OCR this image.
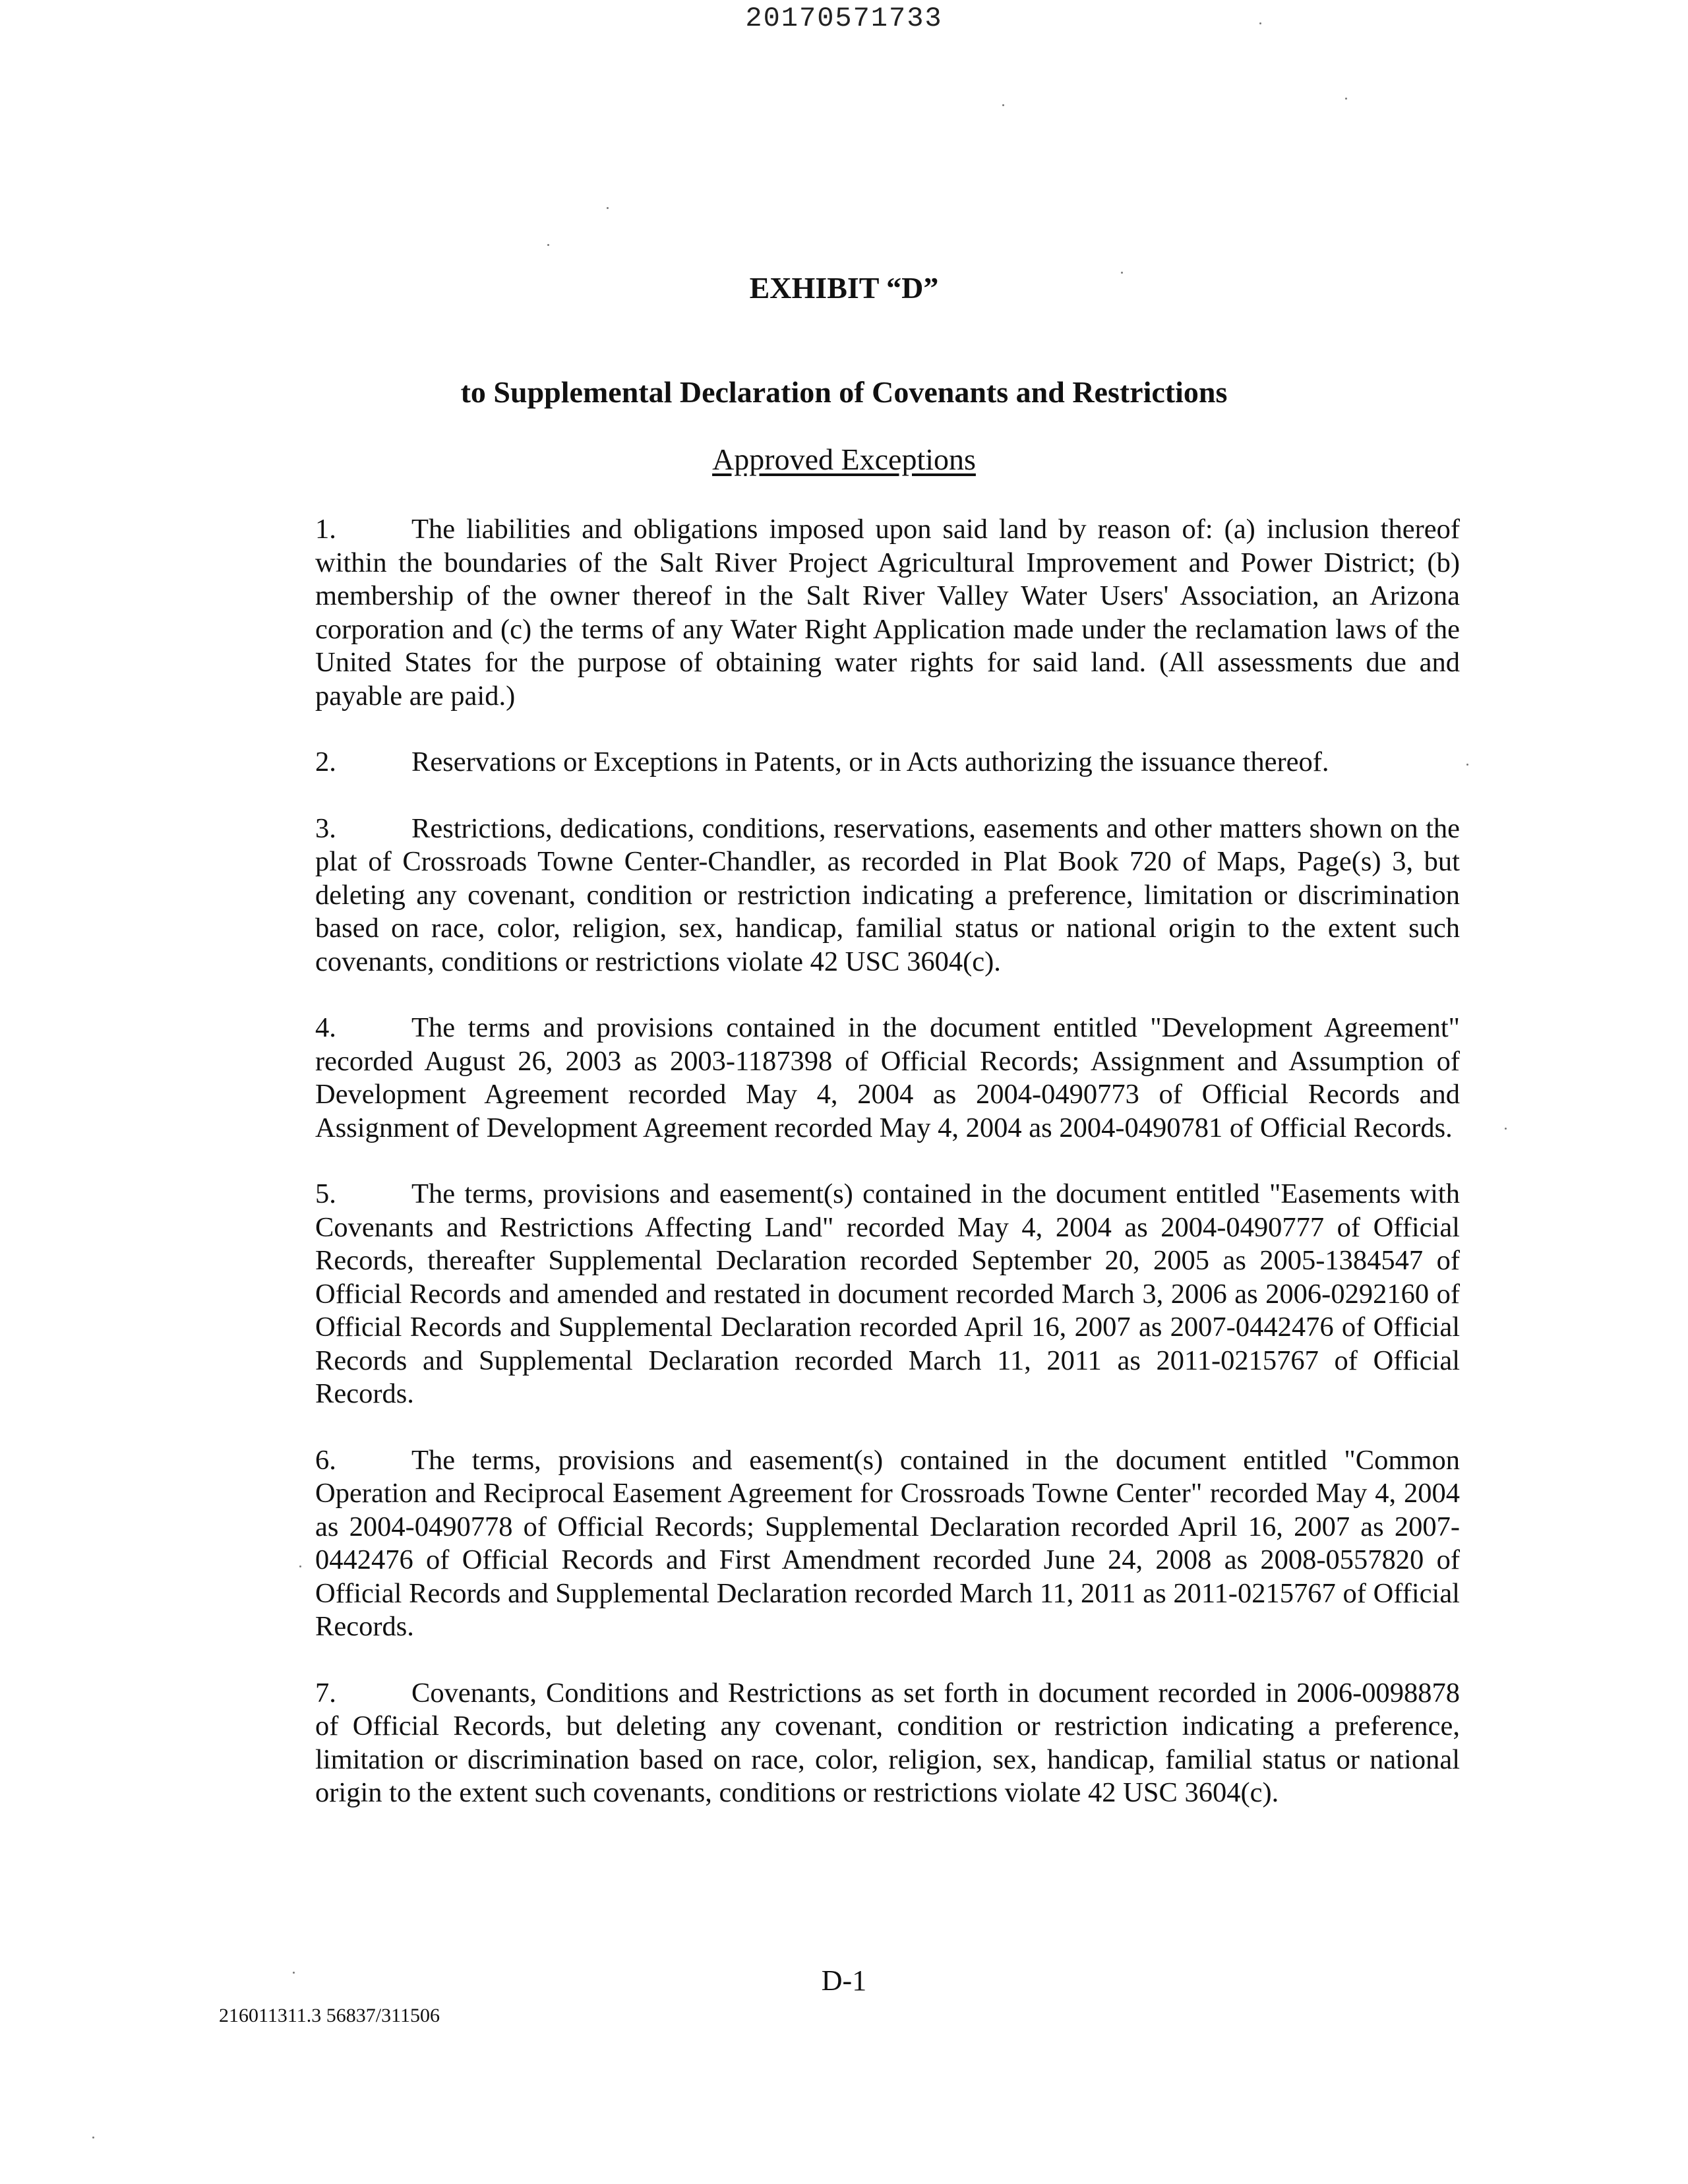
20170571733
EXHIBIT “D”
to Supplemental Declaration of Covenants and Restrictions
Approved Exceptions

1.	The liabilities and obligations imposed upon said land by reason of: (a) inclusion thereof within the boundaries of the Salt River Project Agricultural Improvement and Power District; (b) membership of the owner thereof in the Salt River Valley Water Users' Association, an Arizona corporation and (c) the terms of any Water Right Application made under the reclamation laws of the United States for the purpose of obtaining water rights for said land. (All assessments due and payable are paid.)

2.	Reservations or Exceptions in Patents, or in Acts authorizing the issuance thereof.

3.	Restrictions, dedications, conditions, reservations, easements and other matters shown on the plat of Crossroads Towne Center-Chandler, as recorded in Plat Book 720 of Maps, Page(s) 3, but deleting any covenant, condition or restriction indicating a preference, limitation or discrimination based on race, color, religion, sex, handicap, familial status or national origin to the extent such covenants, conditions or restrictions violate 42 USC 3604(c).

4.	The terms and provisions contained in the document entitled "Development Agreement" recorded August 26, 2003 as 2003-1187398 of Official Records; Assignment and Assumption of Development Agreement recorded May 4, 2004 as 2004-0490773 of Official Records and Assignment of Development Agreement recorded May 4, 2004 as 2004-0490781 of Official Records.

5.	The terms, provisions and easement(s) contained in the document entitled "Easements with Covenants and Restrictions Affecting Land" recorded May 4, 2004 as 2004-0490777 of Official Records, thereafter Supplemental Declaration recorded September 20, 2005 as 2005-1384547 of Official Records and amended and restated in document recorded March 3, 2006 as 2006-0292160 of Official Records and Supplemental Declaration recorded April 16, 2007 as 2007-0442476 of Official Records and Supplemental Declaration recorded March 11, 2011 as 2011-0215767 of Official Records.

6.	The terms, provisions and easement(s) contained in the document entitled "Common Operation and Reciprocal Easement Agreement for Crossroads Towne Center" recorded May 4, 2004 as 2004-0490778 of Official Records; Supplemental Declaration recorded April 16, 2007 as 2007-0442476 of Official Records and First Amendment recorded June 24, 2008 as 2008-0557820 of Official Records and Supplemental Declaration recorded March 11, 2011 as 2011-0215767 of Official Records.

7.	Covenants, Conditions and Restrictions as set forth in document recorded in 2006-0098878 of Official Records, but deleting any covenant, condition or restriction indicating a preference, limitation or discrimination based on race, color, religion, sex, handicap, familial status or national origin to the extent such covenants, conditions or restrictions violate 42 USC 3604(c).

D-1
216011311.3 56837/311506
